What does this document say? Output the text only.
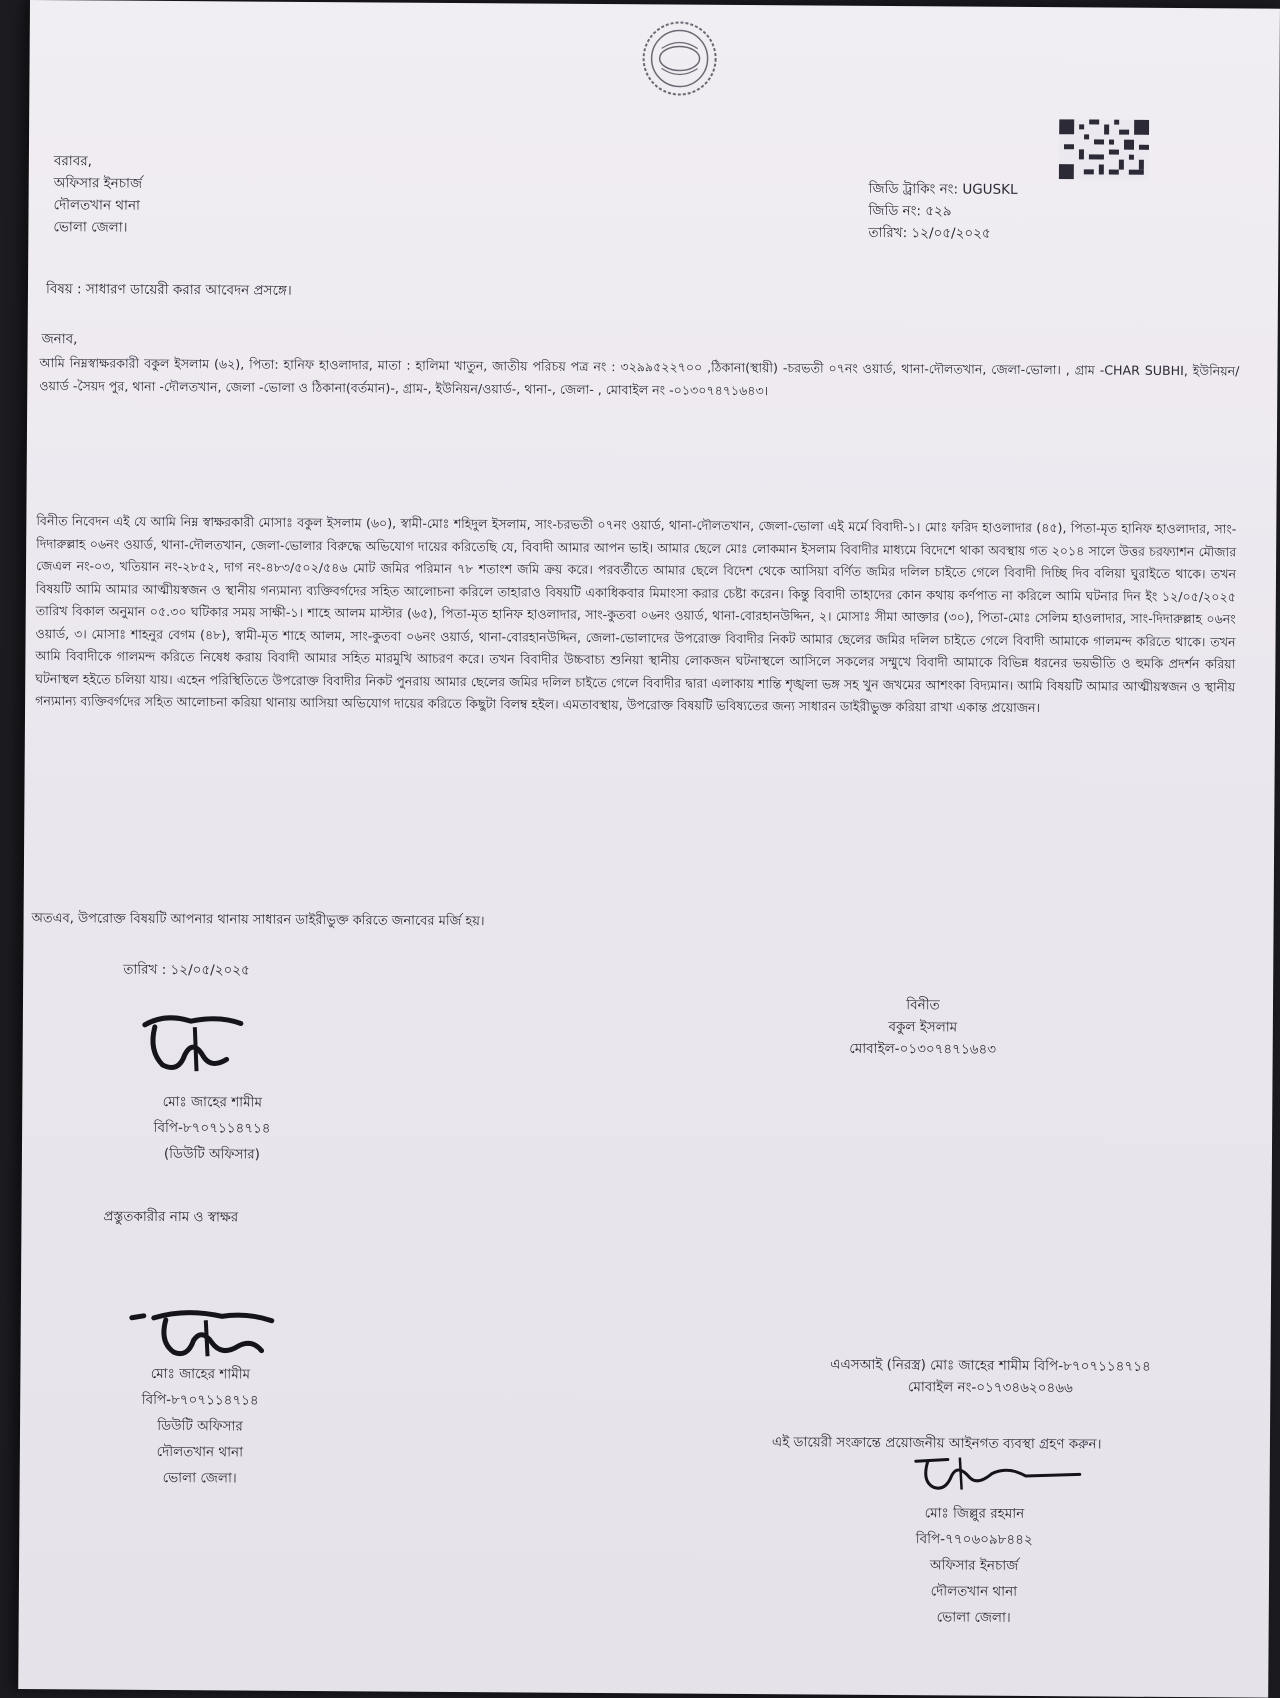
বরাবর,
অফিসার ইনচার্জ
দৌলতখান থানা
ভোলা জেলা।
জিডি ট্রাকিং নং: UGUSKL
জিডি নং: ৫২৯
তারিখ: ১২/০৫/২০২৫
বিষয় : সাধারণ ডায়েরী করার আবেদন প্রসঙ্গে।
জনাব,
আমি নিম্নস্বাক্ষরকারী বকুল ইসলাম (৬২), পিতা: হানিফ হাওলাদার, মাতা : হালিমা খাতুন, জাতীয় পরিচয় পত্র নং : ৩২৯৯৫২২৭০০ ,ঠিকানা(স্থায়ী) -চরভতী ০৭নং ওয়ার্ড, থানা-দৌলতখান, জেলা-ভোলা। , গ্রাম -CHAR SUBHI, ইউনিয়ন/ওয়ার্ড -সৈয়দ পুর, থানা -দৌলতখান, জেলা -ভোলা ও ঠিকানা(বর্তমান)-, গ্রাম-, ইউনিয়ন/ওয়ার্ড-, থানা-, জেলা- , মোবাইল নং -০১৩০৭৪৭১৬৪৩।
বিনীত নিবেদন এই যে আমি নিম্ন স্বাক্ষরকারী মোসাঃ বকুল ইসলাম (৬০), স্বামী-মোঃ শহিদুল ইসলাম, সাং-চরভতী ০৭নং ওয়ার্ড, থানা-দৌলতখান, জেলা-ভোলা এই মর্মে বিবাদী-১। মোঃ ফরিদ হাওলাদার (৪৫), পিতা-মৃত হানিফ হাওলাদার, সাং-দিদারুল্লাহ ০৬নং ওয়ার্ড, থানা-দৌলতখান, জেলা-ভোলার বিরুদ্ধে অভিযোগ দায়ের করিতেছি যে, বিবাদী আমার আপন ভাই। আমার ছেলে মোঃ লোকমান ইসলাম বিবাদীর মাধ্যমে বিদেশে থাকা অবস্থায় গত ২০১৪ সালে উত্তর চরফ্যাশন মৌজার জেএল নং-০৩, খতিয়ান নং-২৮৫২, দাগ নং-৪৮৩/৫০২/৫৪৬ মোট জমির পরিমান ৭৮ শতাংশ জমি ক্রয় করে। পরবর্তীতে আমার ছেলে বিদেশ থেকে আসিয়া বর্ণিত জমির দলিল চাইতে গেলে বিবাদী দিচ্ছি দিব বলিয়া ঘুরাইতে থাকে। তখন বিষয়টি আমি আমার আত্মীয়স্বজন ও স্থানীয় গন্যমান্য ব্যক্তিবর্গদের সহিত আলোচনা করিলে তাহারাও বিষয়টি একাধিকবার মিমাংসা করার চেষ্টা করেন। কিন্তু বিবাদী তাহাদের কোন কথায় কর্ণপাত না করিলে আমি ঘটনার দিন ইং ১২/০৫/২০২৫ তারিখ বিকাল অনুমান ০৫.৩০ ঘটিকার সময় সাক্ষী-১। শাহে আলম মাস্টার (৬৫), পিতা-মৃত হানিফ হাওলাদার, সাং-কুতবা ০৬নং ওয়ার্ড, থানা-বোরহানউদ্দিন, ২। মোসাঃ সীমা আক্তার (৩০), পিতা-মোঃ সেলিম হাওলাদার, সাং-দিদারুল্লাহ ০৬নং ওয়ার্ড, ৩। মোসাঃ শাহনুর বেগম (৪৮), স্বামী-মৃত শাহে আলম, সাং-কুতবা ০৬নং ওয়ার্ড, থানা-বোরহানউদ্দিন, জেলা-ভোলাদের উপরোক্ত বিবাদীর নিকট আমার ছেলের জমির দলিল চাইতে গেলে বিবাদী আমাকে গালমন্দ করিতে থাকে। তখন আমি বিবাদীকে গালমন্দ করিতে নিষেধ করায় বিবাদী আমার সহিত মারমুখি আচরণ করে। তখন বিবাদীর উচ্চবাচ্য শুনিয়া স্থানীয় লোকজন ঘটনাস্থলে আসিলে সকলের সম্মুখে বিবাদী আমাকে বিভিন্ন ধরনের ভয়ভীতি ও হুমকি প্রদর্শন করিয়া ঘটনাস্থল হইতে চলিয়া যায়। এহেন পরিস্থিতিতে উপরোক্ত বিবাদীর নিকট পুনরায় আমার ছেলের জমির দলিল চাইতে গেলে বিবাদীর দ্বারা এলাকায় শান্তি শৃঙ্খলা ভঙ্গ সহ খুন জখমের আশংকা বিদ্যমান। আমি বিষয়টি আমার আত্মীয়স্বজন ও স্থানীয় গন্যমান্য ব্যক্তিবর্গদের সহিত আলোচনা করিয়া থানায় আসিয়া অভিযোগ দায়ের করিতে কিছুটা বিলম্ব হইল। এমতাবস্থায়, উপরোক্ত বিষয়টি ভবিষ্যতের জন্য সাধারন ডাইরীভুক্ত করিয়া রাখা একান্ত প্রয়োজন।
অতএব, উপরোক্ত বিষয়টি আপনার থানায় সাধারন ডাইরীভুক্ত করিতে জনাবের মর্জি হয়।
তারিখ : ১২/০৫/২০২৫
বিনীত
বকুল ইসলাম
মোবাইল-০১৩০৭৪৭১৬৪৩
মোঃ জাহের শামীম
বিপি-৮৭০৭১১৪৭১৪
(ডিউটি অফিসার)
প্রস্তুতকারীর নাম ও স্বাক্ষর
মোঃ জাহের শামীম
বিপি-৮৭০৭১১৪৭১৪
ডিউটি অফিসার
দৌলতখান থানা
ভোলা জেলা।
এএসআই (নিরস্ত্র) মোঃ জাহের শামীম বিপি-৮৭০৭১১৪৭১৪
মোবাইল নং-০১৭৩৪৬২০৪৬৬
এই ডায়েরী সংক্রান্তে প্রয়োজনীয় আইনগত ব্যবস্থা গ্রহণ করুন।
মোঃ জিল্লুর রহমান
বিপি-৭৭০৬০৯৮৪৪২
অফিসার ইনচার্জ
দৌলতখান থানা
ভোলা জেলা।
